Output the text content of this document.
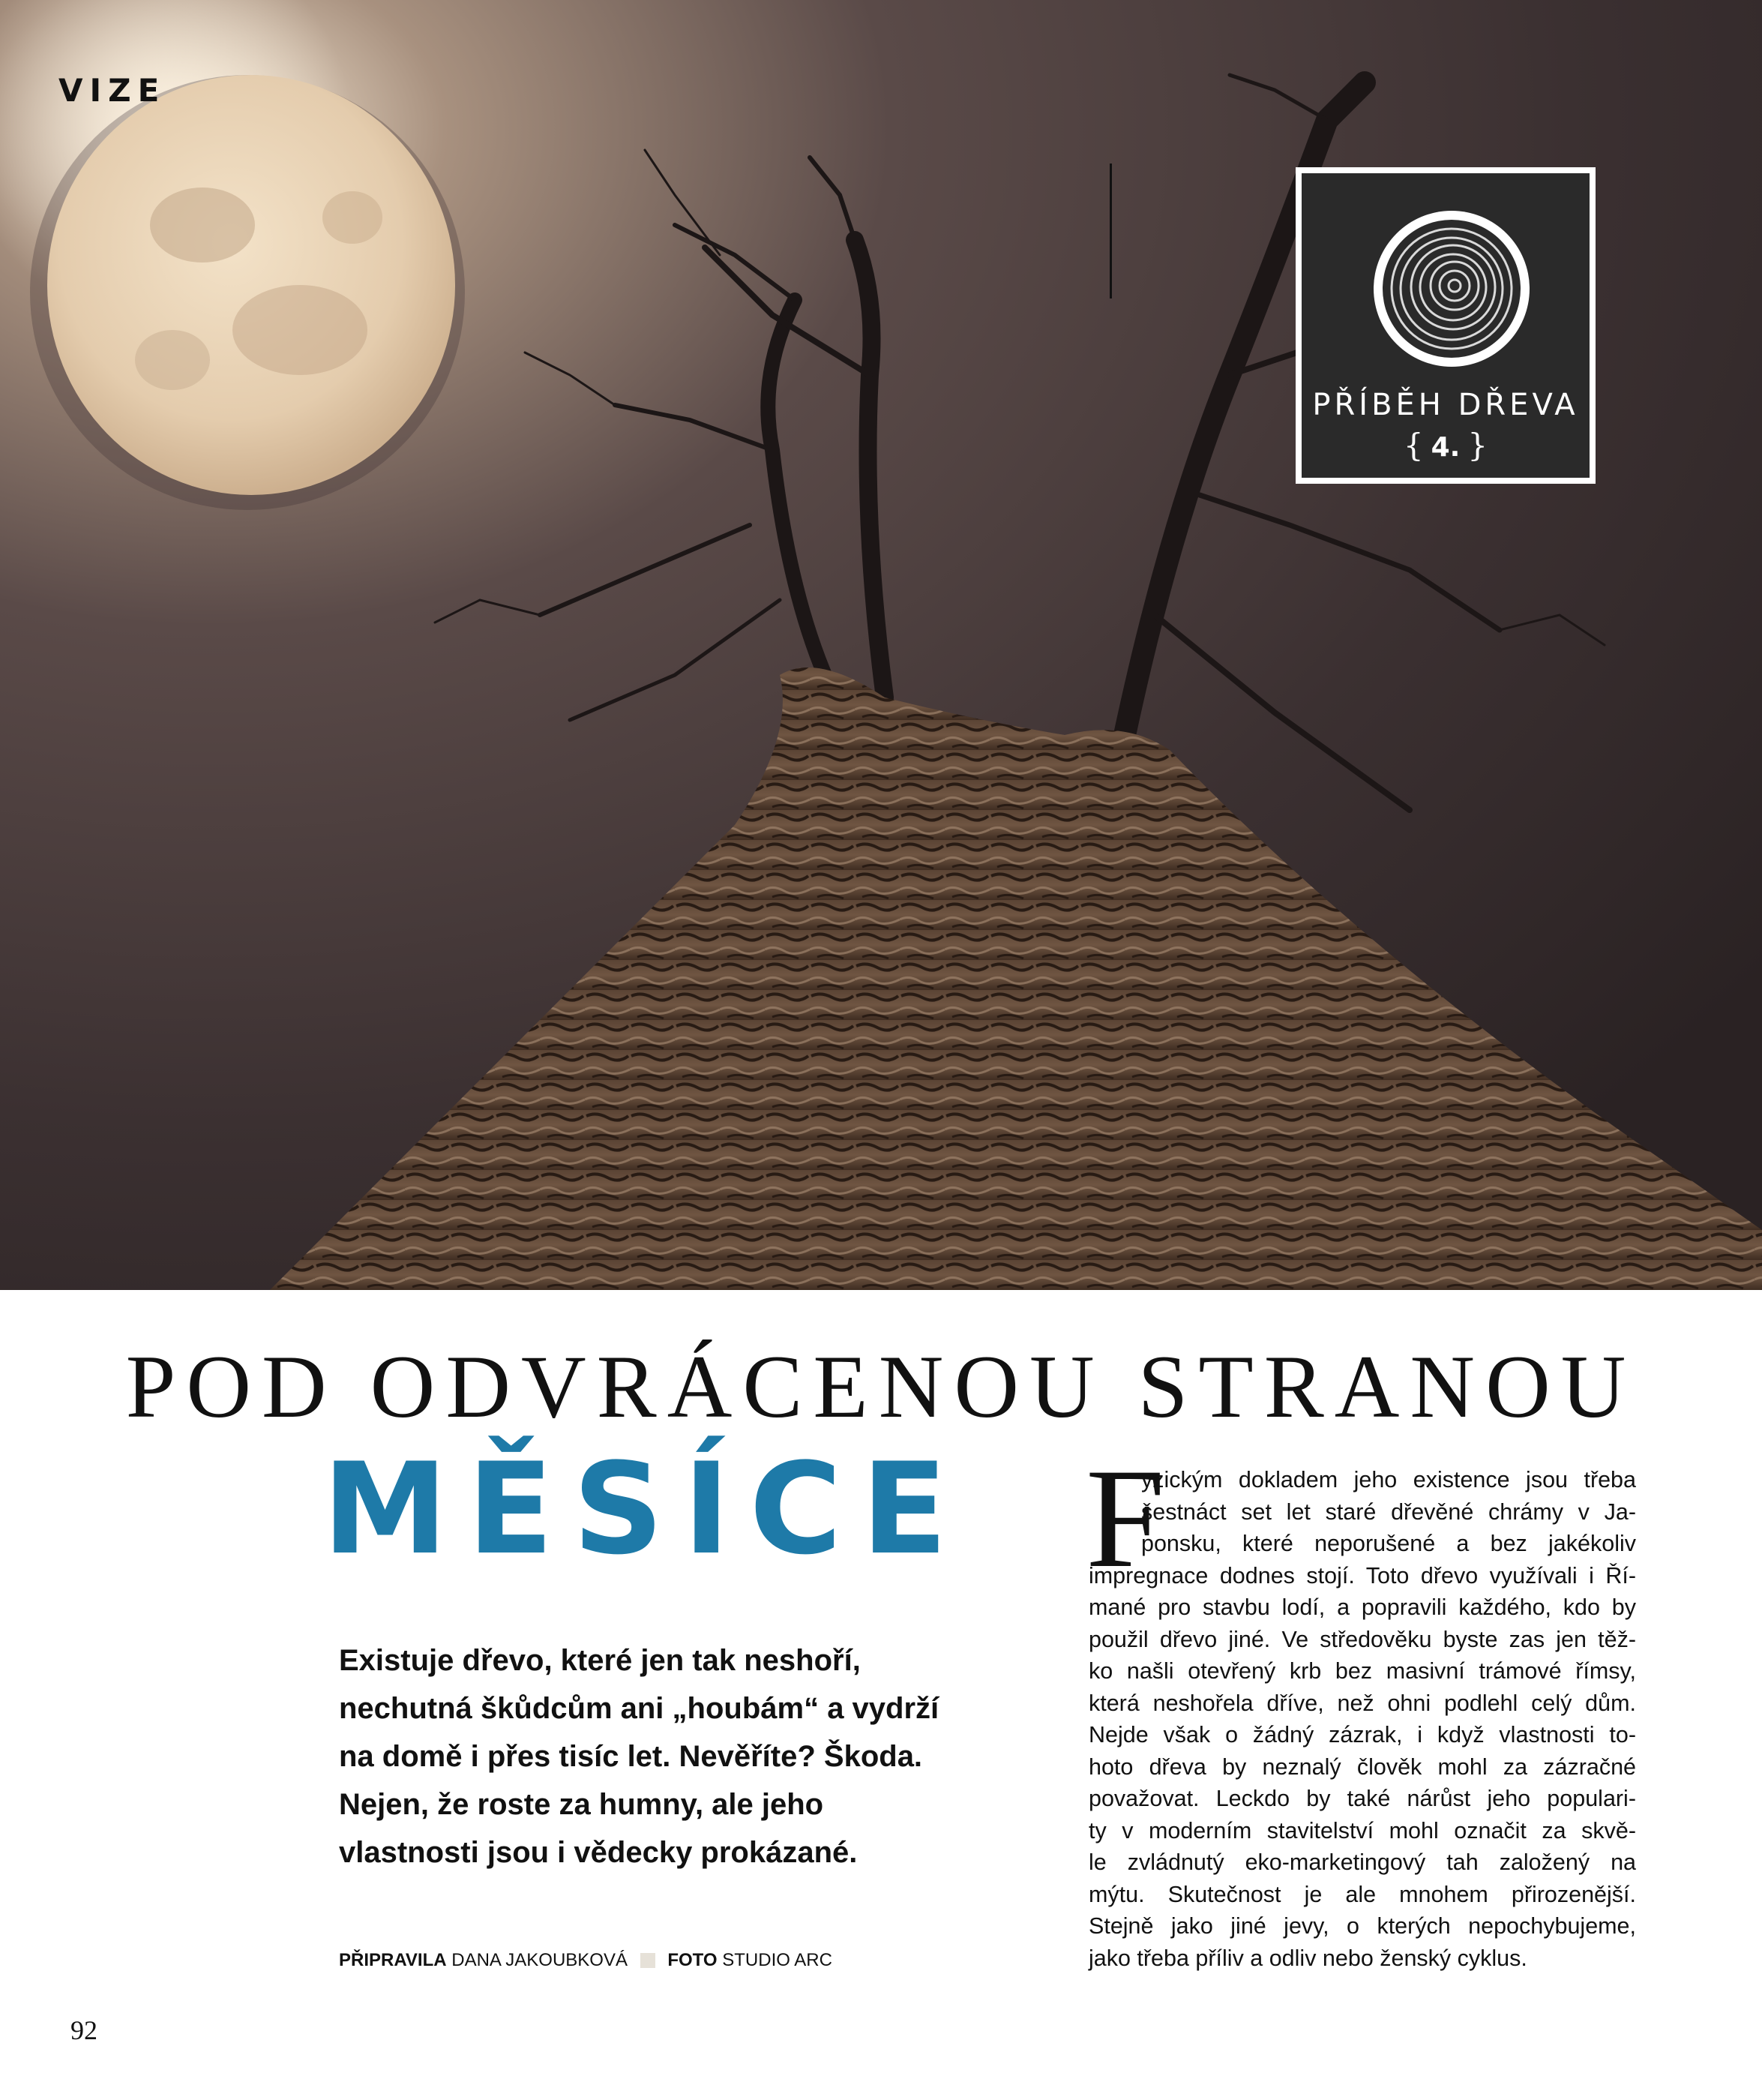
VIZE
PŘÍBĚH DŘEVA
{ 4. }
POD ODVRÁCENOU STRANOU
MĚSÍCE
Existuje dřevo, které jen tak neshoří,
nechutná škůdcům ani „houbám“ a vydrží
na domě i přes tisíc let. Nevěříte? Škoda.
Nejen, že roste za humny, ale jeho
vlastnosti jsou i vědecky prokázané.
PŘIPRAVILA DANA JAKOUBKOVÁ FOTO STUDIO ARC
F
yzickým dokladem jeho existence jsou třeba
šestnáct set let staré dřevěné chrámy v Ja-
ponsku, které neporušené a bez jakékoliv
impregnace dodnes stojí. Toto dřevo využívali i Ří-
mané pro stavbu lodí, a popravili každého, kdo by
použil dřevo jiné. Ve středověku byste zas jen těž-
ko našli otevřený krb bez masivní trámové římsy,
která neshořela dříve, než ohni podlehl celý dům.
Nejde však o žádný zázrak, i když vlastnosti to-
hoto dřeva by neznalý člověk mohl za zázračné
považovat. Leckdo by také nárůst jeho populari-
ty v moderním stavitelství mohl označit za skvě-
le zvládnutý eko-marketingový tah založený na
mýtu. Skutečnost je ale mnohem přirozenější.
Stejně jako jiné jevy, o kterých nepochybujeme,
jako třeba příliv a odliv nebo ženský cyklus.
92
